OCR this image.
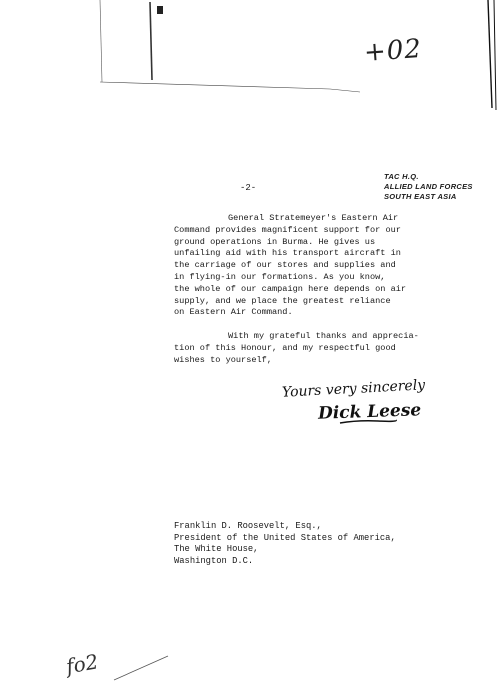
+02
TAC H.Q.
ALLIED LAND FORCES
SOUTH EAST ASIA
-2-
General Stratemeyer's Eastern Air
Command provides magnificent support for our
ground operations in Burma. He gives us
unfailing aid with his transport aircraft in
the carriage of our stores and supplies and
in flying-in our formations. As you know,
the whole of our campaign here depends on air
supply, and we place the greatest reliance
on Eastern Air Command.
With my grateful thanks and apprecia-
tion of this Honour, and my respectful good
wishes to yourself,
Yours very sincerely
Dick Leese
Franklin D. Roosevelt, Esq.,
President of the United States of America,
The White House,
Washington D.C.
fo2
